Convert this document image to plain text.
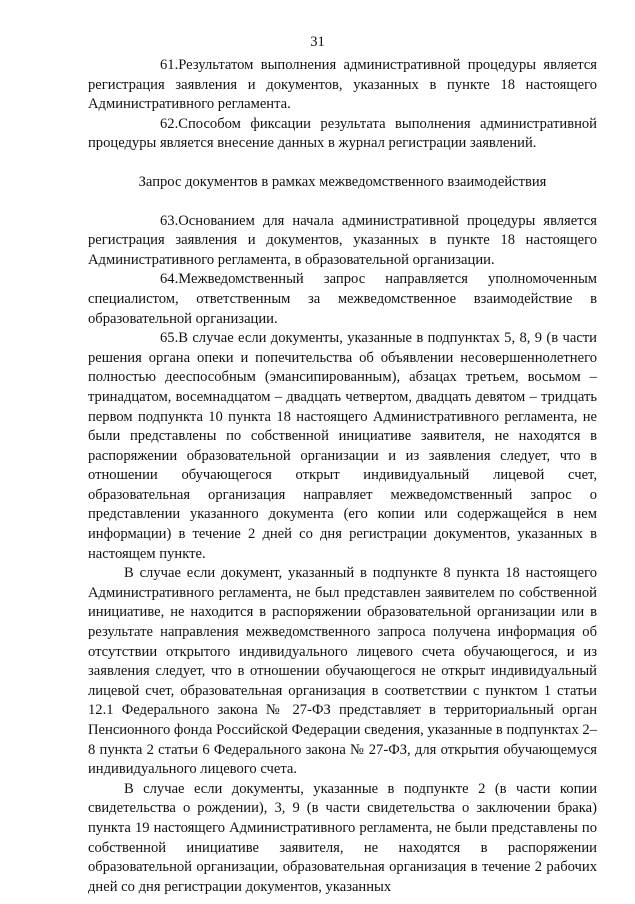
31

61.Результатом выполнения административной процедуры является регистрация заявления и документов, указанных в пункте 18 настоящего Административного регламента.

62.Способом фиксации результата выполнения административной процедуры является внесение данных в журнал регистрации заявлений.

Запрос документов в рамках межведомственного взаимодействия

63.Основанием для начала административной процедуры является регистрация заявления и документов, указанных в пункте 18 настоящего Административного регламента, в образовательной организации.

64.Межведомственный запрос направляется уполномоченным специалистом, ответственным за межведомственное взаимодействие в образовательной организации.

65.В случае если документы, указанные в подпунктах 5, 8, 9 (в части решения органа опеки и попечительства об объявлении несовершеннолетнего полностью дееспособным (эмансипированным), абзацах третьем, восьмом – тринадцатом, восемнадцатом – двадцать четвертом, двадцать девятом – тридцать первом подпункта 10 пункта 18 настоящего Административного регламента, не были представлены по собственной инициативе заявителя, не находятся в распоряжении образовательной организации и из заявления следует, что в отношении обучающегося открыт индивидуальный лицевой счет, образовательная организация направляет межведомственный запрос о представлении указанного документа (его копии или содержащейся в нем информации) в течение 2 дней со дня регистрации документов, указанных в настоящем пункте.

В случае если документ, указанный в подпункте 8 пункта 18 настоящего Административного регламента, не был представлен заявителем по собственной инициативе, не находится в распоряжении образовательной организации или в результате направления межведомственного запроса получена информация об отсутствии открытого индивидуального лицевого счета обучающегося, и из заявления следует, что в отношении обучающегося не открыт индивидуальный лицевой счет, образовательная организация в соответствии с пунктом 1 статьи 12.1 Федерального закона № 27-ФЗ представляет в территориальный орган Пенсионного фонда Российской Федерации сведения, указанные в подпунктах 2–8 пункта 2 статьи 6 Федерального закона № 27-ФЗ, для открытия обучающемуся индивидуального лицевого счета.

В случае если документы, указанные в подпункте 2 (в части копии свидетельства о рождении), 3, 9 (в части свидетельства о заключении брака) пункта 19 настоящего Административного регламента, не были представлены по собственной инициативе заявителя, не находятся в распоряжении образовательной организации, образовательная организация в течение 2 рабочих дней со дня регистрации документов, указанных
